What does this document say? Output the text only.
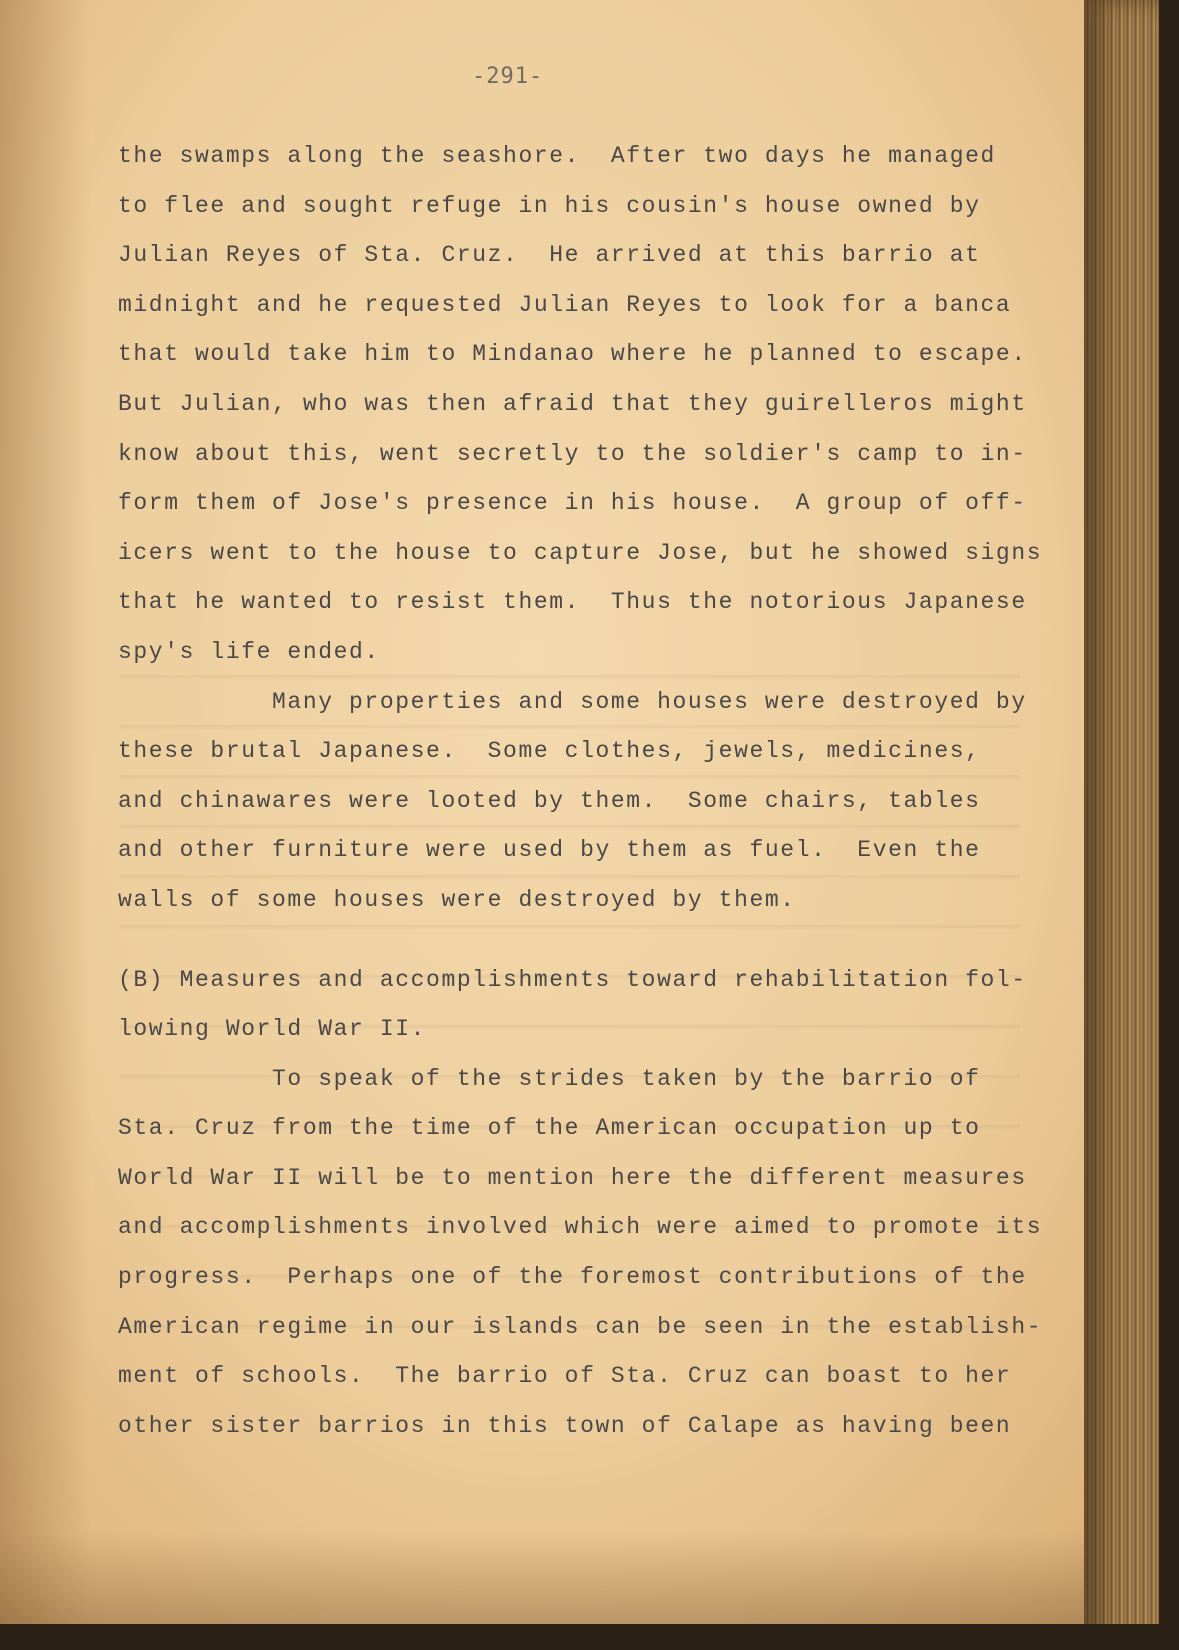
-291-
the swamps along the seashore.  After two days he managed
to flee and sought refuge in his cousin's house owned by
Julian Reyes of Sta. Cruz.  He arrived at this barrio at
midnight and he requested Julian Reyes to look for a banca
that would take him to Mindanao where he planned to escape.
But Julian, who was then afraid that they guirelleros might
know about this, went secretly to the soldier's camp to in-
form them of Jose's presence in his house.  A group of off-
icers went to the house to capture Jose, but he showed signs
that he wanted to resist them.  Thus the notorious Japanese
spy's life ended.
Many properties and some houses were destroyed by
these brutal Japanese.  Some clothes, jewels, medicines,
and chinawares were looted by them.  Some chairs, tables
and other furniture were used by them as fuel.  Even the
walls of some houses were destroyed by them.
(B) Measures and accomplishments toward rehabilitation fol-
lowing World War II.
To speak of the strides taken by the barrio of
Sta. Cruz from the time of the American occupation up to
World War II will be to mention here the different measures
and accomplishments involved which were aimed to promote its
progress.  Perhaps one of the foremost contributions of the
American regime in our islands can be seen in the establish-
ment of schools.  The barrio of Sta. Cruz can boast to her
other sister barrios in this town of Calape as having been
